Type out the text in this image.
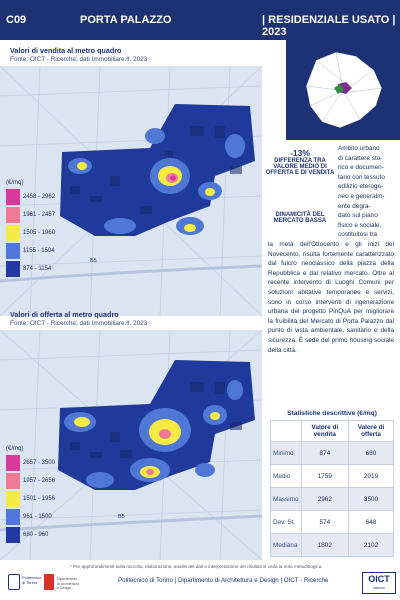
C09	PORTA PALAZZO	| RESIDENZIALE USATO | 2023
Valori di vendita al metro quadro
Fonte: OICT - Ricerche, dati Immobiliare.it, 2023
B5
(€/mq)
2458 - 2962
1961 - 2457
1505 - 1960
1155 - 1504
874 - 1154
Valori di offerta al metro quadro
Fonte: OICT - Ricerche, dati Immobiliare.it, 2023
B5
(€/mq)
2657 - 3500
1957 - 2656
1501 - 1956
961 - 1500
680 - 960
-13%
DIFFERENZA TRA VALORE MEDIO DI OFFERTA E DI VENDITA
DINAMICITÀ DEL MERCATO BASSA
Ambito urbano
di carattere sto-
rico e documen-
tario con tessuto
edilizio eteroge-
neo e generalm-
ente degra-
dato sul piano
fisico e sociale,
costituitosi tra
la metà dell'Ottocento e gli inizi del Novecento, risulta fortemente caratterizzato dal fulcro neoclassico della piazza della Repubblica e dal relativo mercato. Oltre al recente intervento di Luoghi Comuni per soluzioni abitative temporanee e servizi, sono in corso interventi di rigenerazione urbana del progetto PinQuA per migliorare la fruibilità del Mercato di Porta Palazzo dal punto di vista ambientale, sanitario e della sicurezza. È sede del primo housing sociale della città.
Statistiche descrittive (€/mq)
	Valore di vendita	Valore di offerta
Minimo	874	680
Medio	1759	2019
Massimo	2962	3500
Dev. St.	574	648
Mediana	1802	2102
* Per approfondimenti sulla raccolta, elaborazione, analisi dei dati e interpretazione dei risultati si veda la nota metodologica.
Politecnico
di Torino
Dipartimento
di Architettura
e Design
Politecnico di Torino | Dipartimento di Architettura e Design | OICT - Ricerche	OICT
ricerche
